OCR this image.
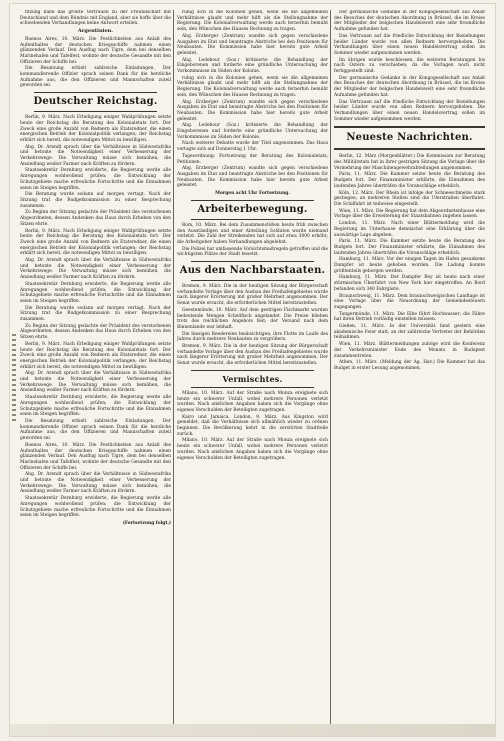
fitzung habe das größte Vertrauen zu der Freundschaft mit Deutschland und dem Bündnis mit England, aber sie hoffe über die schwebenden Verhandlungen keine Antwort erteilen.

Argentinien.

Buenos Aires, 10. März. Die Festlichkeiten aus Anlaß des Aufenthaltes der deutschen Kriegsschiffe nahmen einen glänzenden Verlauf. Den Ausflug nach Tigre, dem bei denselben Marinehafen und Tafelfest, wohnte der deutsche Gesandte mit den Offizieren der Schiffe bei.

Die Besatzung erhielt zahlreiche Einladungen. Der kommandierende Offizier sprach seinen Dank für die herzliche Aufnahme aus, die den Offizieren und Mannschaften zuteil geworden sei.

Deutscher Reichstag.

Berlin, 9. März. Nach Erledigung einiger Wahlprüfungen setzte heute der Reichstag die Beratung des Kolonialetats fort. Der Zweck eine große Anzahl von Rednern als Etatsredner, die einen energischen Betrieb der Kolonialpolitik verlangen; der Reichstag erklärt sich bereit, die notwendigen Mittel zu bewilligen.

Abg. Dr. Arendt sprach über die Verhältnisse in Südwestafrika und betonte die Notwendigkeit einer Verbesserung der Verkehrswege. Die Verwaltung müsse sich bemühen, die Ansiedlung weißer Farmer nach Kräften zu fördern.

Staatssekretär Dernburg erwiderte, die Regierung werde alle Anregungen wohlwollend prüfen; die Entwicklung der Schutzgebiete mache erfreuliche Fortschritte und die Einnahmen seien im Steigen begriffen.

Die Beratung wurde sodann auf morgen vertagt. Nach der Sitzung trat die Budgetkommission zu einer Besprechung zusammen.

Zu Beginn der Sitzung gedachte der Präsident des verstorbenen Abgeordneten, dessen Andenken das Haus durch Erheben von den Sitzen ehrte.

Berlin, 9. März. Nach Erledigung einiger Wahlprüfungen setzte heute der Reichstag die Beratung des Kolonialetats fort. Der Zweck eine große Anzahl von Rednern als Etatsredner, die einen energischen Betrieb der Kolonialpolitik verlangen; der Reichstag erklärt sich bereit, die notwendigen Mittel zu bewilligen.

Abg. Dr. Arendt sprach über die Verhältnisse in Südwestafrika und betonte die Notwendigkeit einer Verbesserung der Verkehrswege. Die Verwaltung müsse sich bemühen, die Ansiedlung weißer Farmer nach Kräften zu fördern.

Staatssekretär Dernburg erwiderte, die Regierung werde alle Anregungen wohlwollend prüfen; die Entwicklung der Schutzgebiete mache erfreuliche Fortschritte und die Einnahmen seien im Steigen begriffen.

Die Beratung wurde sodann auf morgen vertagt. Nach der Sitzung trat die Budgetkommission zu einer Besprechung zusammen.

Zu Beginn der Sitzung gedachte der Präsident des verstorbenen Abgeordneten, dessen Andenken das Haus durch Erheben von den Sitzen ehrte.

Berlin, 9. März. Nach Erledigung einiger Wahlprüfungen setzte heute der Reichstag die Beratung des Kolonialetats fort. Der Zweck eine große Anzahl von Rednern als Etatsredner, die einen energischen Betrieb der Kolonialpolitik verlangen; der Reichstag erklärt sich bereit, die notwendigen Mittel zu bewilligen.

Abg. Dr. Arendt sprach über die Verhältnisse in Südwestafrika und betonte die Notwendigkeit einer Verbesserung der Verkehrswege. Die Verwaltung müsse sich bemühen, die Ansiedlung weißer Farmer nach Kräften zu fördern.

Staatssekretär Dernburg erwiderte, die Regierung werde alle Anregungen wohlwollend prüfen; die Entwicklung der Schutzgebiete mache erfreuliche Fortschritte und die Einnahmen seien im Steigen begriffen.

Die Besatzung erhielt zahlreiche Einladungen. Der kommandierende Offizier sprach seinen Dank für die herzliche Aufnahme aus, die den Offizieren und Mannschaften zuteil geworden sei.

Buenos Aires, 10. März. Die Festlichkeiten aus Anlaß des Aufenthaltes der deutschen Kriegsschiffe nahmen einen glänzenden Verlauf. Den Ausflug nach Tigre, dem bei denselben Marinehafen und Tafelfest, wohnte der deutsche Gesandte mit den Offizieren der Schiffe bei.

Abg. Dr. Arendt sprach über die Verhältnisse in Südwestafrika und betonte die Notwendigkeit einer Verbesserung der Verkehrswege. Die Verwaltung müsse sich bemühen, die Ansiedlung weißer Farmer nach Kräften zu fördern.

Staatssekretär Dernburg erwiderte, die Regierung werde alle Anregungen wohlwollend prüfen; die Entwicklung der Schutzgebiete mache erfreuliche Fortschritte und die Einnahmen seien im Steigen begriffen.

(Fortsetzung folgt.)

ruhig sich in die Kolonien gehen, wenn sie die allgemeinen Verhältnisse glaubt und mehr hilft als die Stellungnahme der Regierung. Die Kolonialverwaltung werde auch fernerhin bemüht sein, den Wünschen des Hauses Rechnung zu tragen.

Abg. Erzberger (Zentrum) wandte sich gegen verschiedene Ausgaben im Etat und beantragte Abstriche bei den Positionen für Neubauten. Die Kommission habe hier bereits gute Arbeit geleistet.

Abg. Ledebour (Soz.) kritisierte die Behandlung der Eingeborenen und forderte eine gründliche Untersuchung der Vorkommnisse im Süden der Kolonie.

ruhig sich in die Kolonien gehen, wenn sie die allgemeinen Verhältnisse glaubt und mehr hilft als die Stellungnahme der Regierung. Die Kolonialverwaltung werde auch fernerhin bemüht sein, den Wünschen des Hauses Rechnung zu tragen.

Abg. Erzberger (Zentrum) wandte sich gegen verschiedene Ausgaben im Etat und beantragte Abstriche bei den Positionen für Neubauten. Die Kommission habe hier bereits gute Arbeit geleistet.

Abg. Ledebour (Soz.) kritisierte die Behandlung der Eingeborenen und forderte eine gründliche Untersuchung der Vorkommnisse im Süden der Kolonie.

Nach weiterer Debatte wurde der Titel angenommen. Das Haus vertagte sich auf Donnerstag 1 Uhr.

Tagesordnung: Fortsetzung der Beratung des Kolonialetats, Petitionen.

Abg. Erzberger (Zentrum) wandte sich gegen verschiedene Ausgaben im Etat und beantragte Abstriche bei den Positionen für Neubauten. Die Kommission habe hier bereits gute Arbeit geleistet.

Morgen acht Uhr Fortsetzung.
Arbeiterbewegung.

Rom, 10. März. Bei dem Zusammenstößen heute früh zwischen den Ausständigen und einer Abteilung Soldaten wurde niemand verletzt. Die Zahl der Streikenden hat sich auf etwa 3000 erhöht; die Arbeitgeber haben Verhandlungen abgelehnt.

Die Polizei hat umfassende Vorsichtsmaßregeln getroffen und die wichtigsten Plätze der Stadt besetzt.

Aus den Nachbarstaaten.

Bremen, 9. März. Die in der heutigen Sitzung der Bürgerschaft verhandelte Vorlage über den Ausbau des Freihafengebietes wurde nach längerer Erörterung mit großer Mehrheit angenommen. Der Senat wurde ersucht, die erforderlichen Mittel bereitzustellen.

Geestemünde, 10. März. Auf dem gestrigen Fischmarkt wurden bedeutende Mengen Schellfisch angelandet. Die Preise blieben trotz des reichlichen Angebots fest; der Versand nach dem Binnenlande war lebhaft.

Die hiesigen Reedereien beabsichtigen, ihre Flotte im Laufe des Jahres durch mehrere Neubauten zu vergrößern.

Bremen, 9. März. Die in der heutigen Sitzung der Bürgerschaft verhandelte Vorlage über den Ausbau des Freihafengebietes wurde nach längerer Erörterung mit großer Mehrheit angenommen. Der Senat wurde ersucht, die erforderlichen Mittel bereitzustellen.

Vermischtes.

Milano, 10. März. Auf der Straße nach Monza ereignete sich heute ein schwerer Unfall, wobei mehrere Personen verletzt wurden. Nach amtlichen Angaben haben sich die Vorgänge ohne eigenes Verschulden der Beteiligten zugetragen.

Kairo und Jamaica. London, 9. März. Aus Kingston wird gemeldet, daß die Verhältnisse sich allmählich wieder zu ordnen beginnen. Die Bevölkerung kehrt in die zerstörten Stadtteile zurück.

Milano, 10. März. Auf der Straße nach Monza ereignete sich heute ein schwerer Unfall, wobei mehrere Personen verletzt wurden. Nach amtlichen Angaben haben sich die Vorgänge ohne eigenes Verschulden der Beteiligten zugetragen.

Der germanische Gedanke in der Kongogesellschaft aus Anlaß des Besuches der deutschen Abordnung in Brüssel, die im Kreise der Mitglieder der belgischen Handelswelt eine sehr freundliche Aufnahme gefunden hat.

Das Vertrauen auf die friedliche Entwicklung der Beziehungen beider Länder wurde von allen Rednern hervorgehoben. Die Verhandlungen über einen neuen Handelsvertrag sollen im Sommer wieder aufgenommen werden.

Im übrigen wurde beschlossen, die weiteren Beratungen bis nach Ostern zu verschieben, da die Vorlagen noch nicht fertiggestellt sind.

Der germanische Gedanke in der Kongogesellschaft aus Anlaß des Besuches der deutschen Abordnung in Brüssel, die im Kreise der Mitglieder der belgischen Handelswelt eine sehr freundliche Aufnahme gefunden hat.

Das Vertrauen auf die friedliche Entwicklung der Beziehungen beider Länder wurde von allen Rednern hervorgehoben. Die Verhandlungen über einen neuen Handelsvertrag sollen im Sommer wieder aufgenommen werden.

Neueste Nachrichten.

Berlin, 12. März (Morgenblätter.) Die Kommission zur Beratung des Militäretats hat in ihrer gestrigen Sitzung die Vorlage über die Vermehrung der Maschinengewehrabteilungen angenommen.

Paris, 11. März. Die Kammer setzte heute die Beratung des Budgets fort. Der Finanzminister erklärte, die Einnahmen des laufenden Jahres überträfen die Voranschläge erheblich.

Köln, 12. März. Der Rhein ist infolge der Schneeschmelze stark gestiegen; an mehreren Stellen sind die Uferstraßen überflutet. Die Schiffahrt ist teilweise eingestellt.

Wien, 11. März. Die Regierung hat dem Abgeordnetenhause eine Vorlage über die Erweiterung der Staatsbahnen zugehen lassen.

London, 11. März. Nach einer Blättermeldung wird die Regierung im Unterhause demnächst eine Erklärung über die auswärtige Lage abgeben.

Paris, 11. März. Die Kammer setzte heute die Beratung des Budgets fort. Der Finanzminister erklärte, die Einnahmen des laufenden Jahres überträfen die Voranschläge erheblich.

Hamburg, 11. März. Vor der einigen Tagen im Hafen gesunkene Dampfer ist heute gehoben worden. Die Ladung konnte größtenteils geborgen werden.

Hamburg, 11. März. Der Dampfer Bey ist heute nach einer stürmischen Überfahrt von New York hier eingetroffen. An Bord befanden sich 340 Fahrgäste.

Braunschweig, 11. März. Dem braunschweigischen Landtage ist eine Vorlage über die Neuordnung der Gemeindesteuern zugegangen.

Tangermünde, 11. März. Die Elbe führt Hochwasser; die Fähre hat ihren Betrieb vorläufig einstellen müssen.

Gießen, 11. März. In der Universität fand gestern eine akademische Feier statt, an der zahlreiche Vertreter der Behörden teilnahmen.

Wien, 11. März. Blättermeldungen zufolge wird die Konferenz der Verkehrsminister Ende des Monats in Budapest zusammentreten.

Athen, 11. März. (Meldung der Ag. Hav.) Die Kammer hat das Budget in erster Lesung angenommen.
